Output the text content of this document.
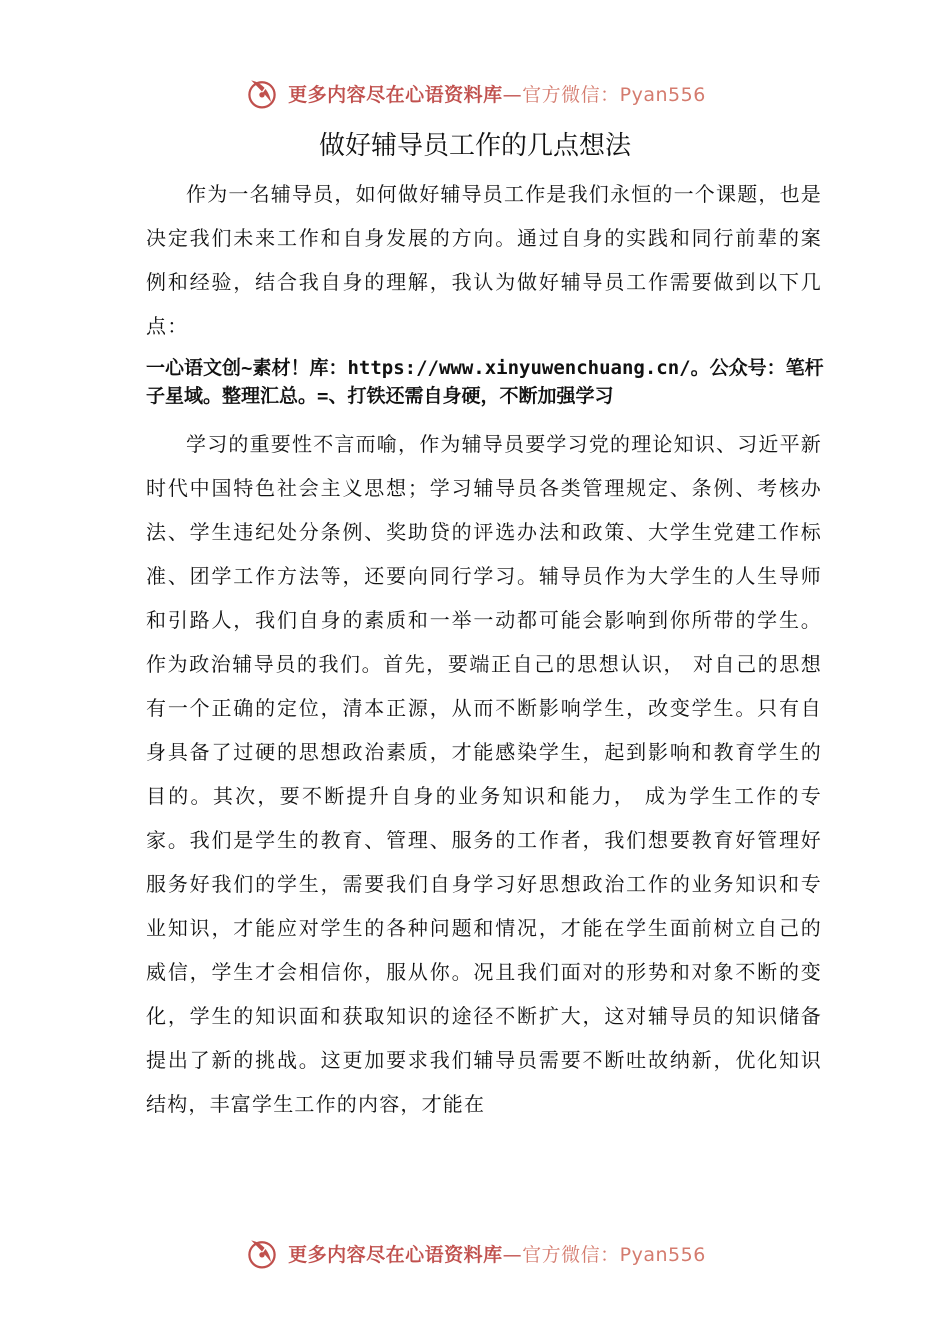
更多内容尽在心语资料库—官方微信：Pyan556
做好辅导员工作的几点想法

作为一名辅导员，如何做好辅导员工作是我们永恒的一个课题，也是决定我们未来工作和自身发展的方向。通过自身的实践和同行前辈的案例和经验，结合我自身的理解，我认为做好辅导员工作需要做到以下几点：

一心语文创~素材！库：https://www.xinyuwenchuang.cn/。公众号：笔杆子星域。整理汇总。=、打铁还需自身硬，不断加强学习

学习的重要性不言而喻，作为辅导员要学习党的理论知识、习近平新时代中国特色社会主义思想；学习辅导员各类管理规定、条例、考核办法、学生违纪处分条例、奖助贷的评选办法和政策、大学生党建工作标准、团学工作方法等，还要向同行学习。辅导员作为大学生的人生导师和引路人，我们自身的素质和一举一动都可能会影响到你所带的学生。作为政治辅导员的我们。首先，要端正自己的思想认识， 对自己的思想有一个正确的定位，清本正源，从而不断影响学生，改变学生。只有自身具备了过硬的思想政治素质，才能感染学生，起到影响和教育学生的目的。其次，要不断提升自身的业务知识和能力， 成为学生工作的专家。我们是学生的教育、管理、服务的工作者，我们想要教育好管理好服务好我们的学生，需要我们自身学习好思想政治工作的业务知识和专业知识，才能应对学生的各种问题和情况，才能在学生面前树立自己的威信，学生才会相信你，服从你。况且我们面对的形势和对象不断的变化，学生的知识面和获取知识的途径不断扩大，这对辅导员的知识储备提出了新的挑战。这更加要求我们辅导员需要不断吐故纳新，优化知识结构，丰富学生工作的内容，才能在

更多内容尽在心语资料库—官方微信：Pyan556
